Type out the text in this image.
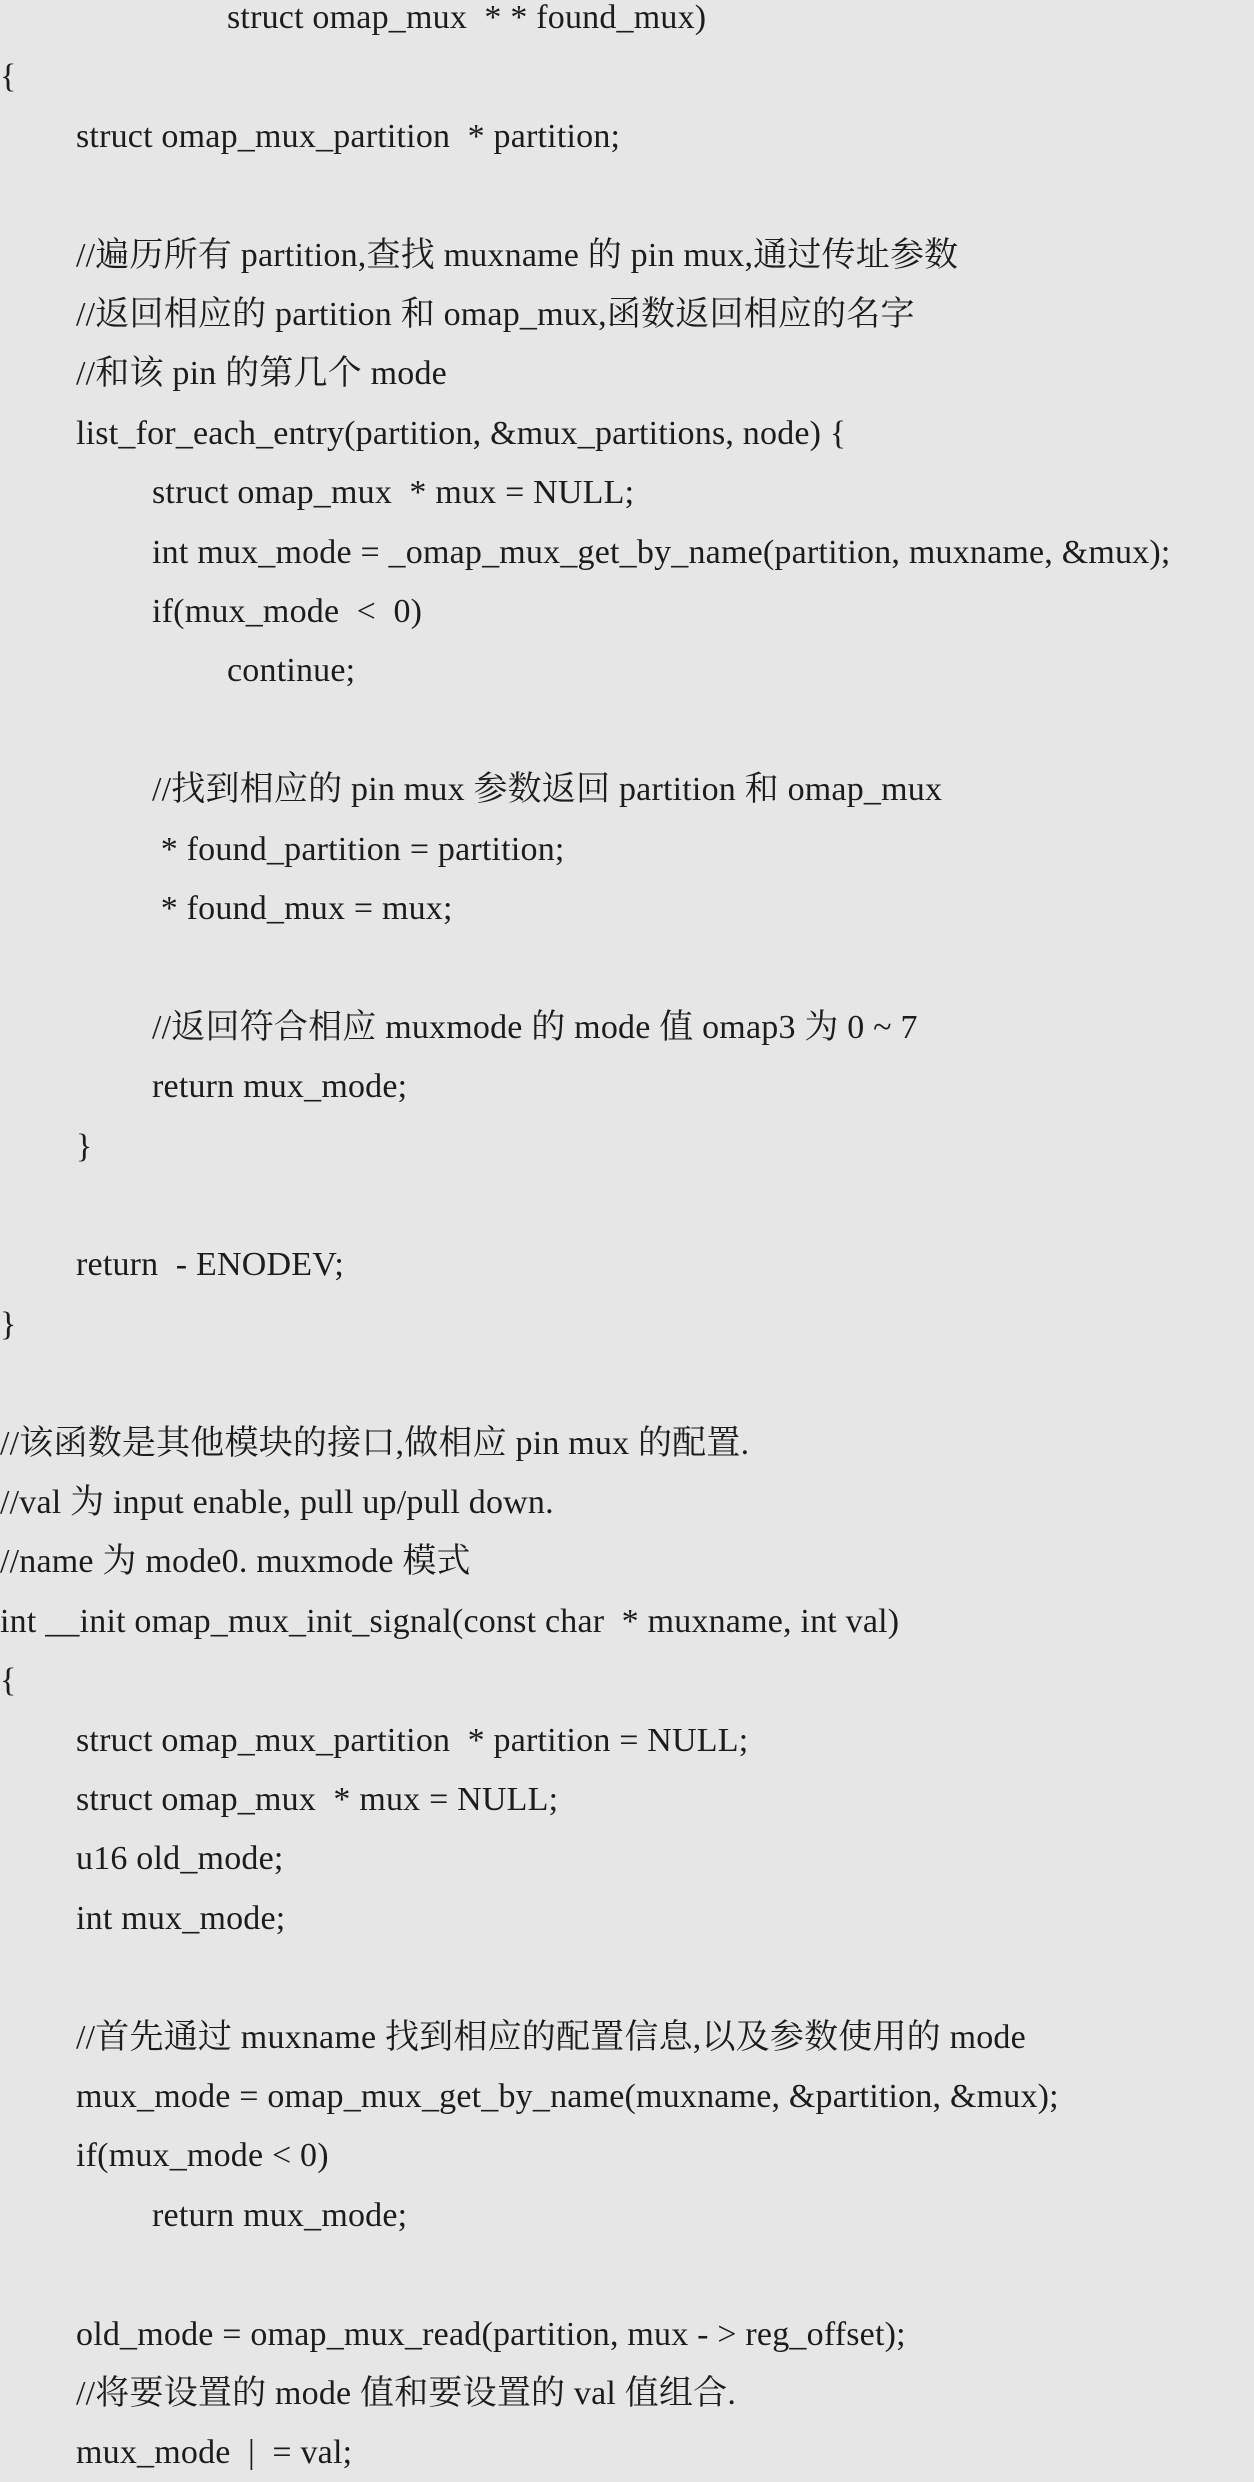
struct omap_mux  * * found_mux)
{
struct omap_mux_partition  * partition;
//遍历所有 partition,查找 muxname 的 pin mux,通过传址参数
//返回相应的 partition 和 omap_mux,函数返回相应的名字
//和该 pin 的第几个 mode
list_for_each_entry(partition, &mux_partitions, node) {
struct omap_mux  * mux = NULL;
int mux_mode = _omap_mux_get_by_name(partition, muxname, &mux);
if(mux_mode  <  0)
continue;
//找到相应的 pin mux 参数返回 partition 和 omap_mux
* found_partition = partition;
* found_mux = mux;
//返回符合相应 muxmode 的 mode 值 omap3 为 0 ~ 7
return mux_mode;
}
return  - ENODEV;
}
//该函数是其他模块的接口,做相应 pin mux 的配置.
//val 为 input enable, pull up/pull down.
//name 为 mode0. muxmode 模式
int __init omap_mux_init_signal(const char  * muxname, int val)
{
struct omap_mux_partition  * partition = NULL;
struct omap_mux  * mux = NULL;
u16 old_mode;
int mux_mode;
//首先通过 muxname 找到相应的配置信息,以及参数使用的 mode
mux_mode = omap_mux_get_by_name(muxname, &partition, &mux);
if(mux_mode < 0)
return mux_mode;
old_mode = omap_mux_read(partition, mux - > reg_offset);
//将要设置的 mode 值和要设置的 val 值组合.
mux_mode  |  = val;
